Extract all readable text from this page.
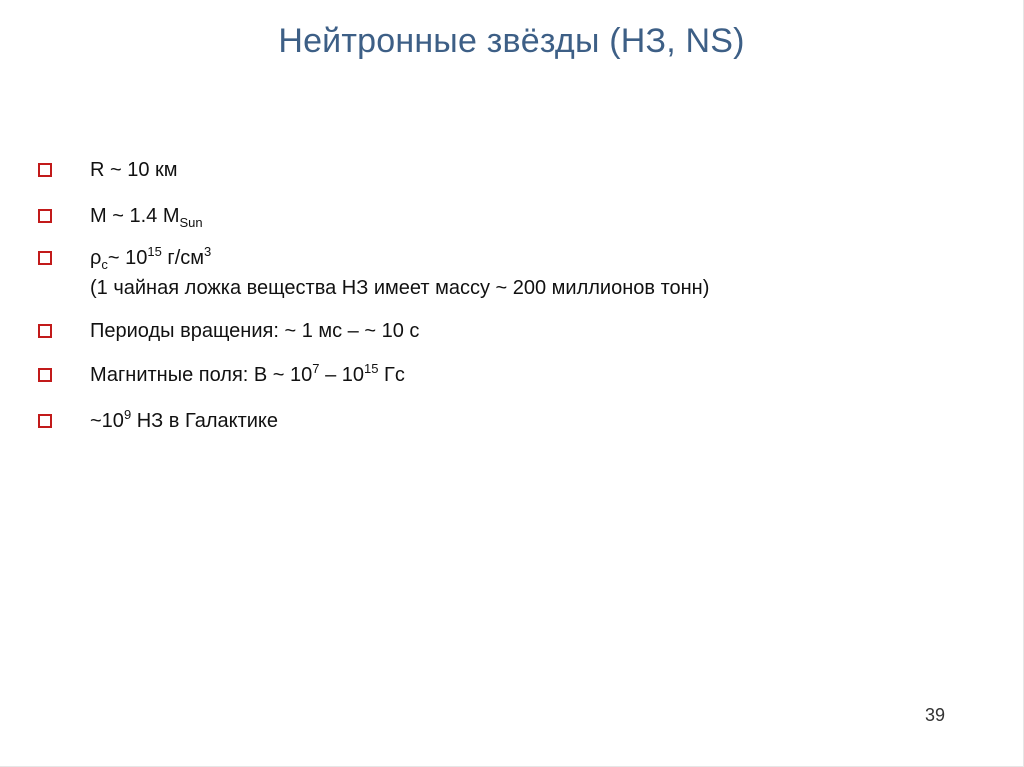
Нейтронные звёзды (НЗ, NS)
R ~ 10 км
M ~ 1.4 $M_{Sun}$
$\rho_c\sim$ $10^{15}$ $г/см^3$
(1 чайная ложка вещества НЗ имеет массу ~ 200 миллионов тонн)
Периоды вращения: ~ 1 мс – ~ 10 с
Магнитные поля: B ~ $10^7 - 10^{15}$ Гс
$\sim 10^9$ НЗ в Галактике
39
